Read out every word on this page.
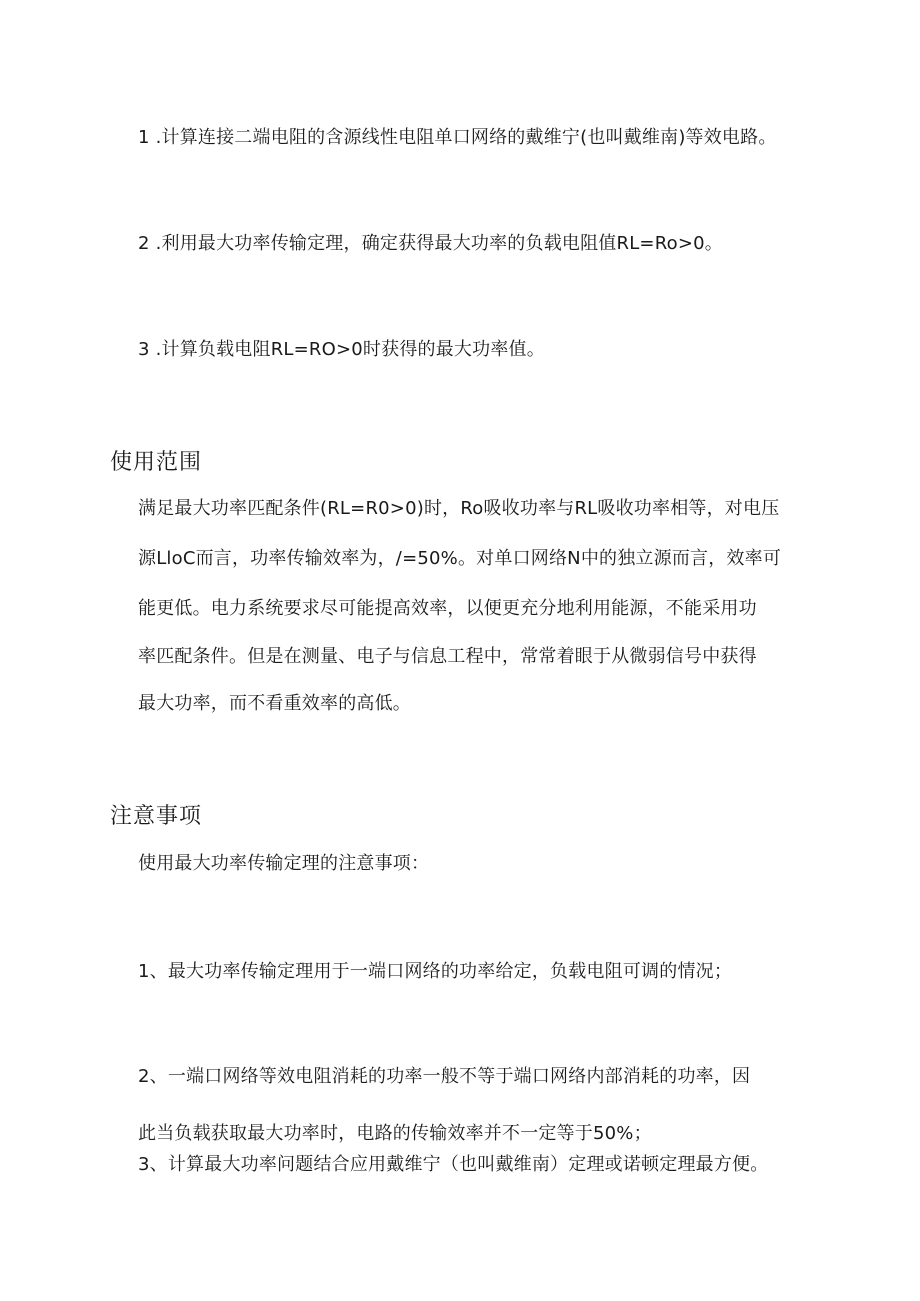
1 .计算连接二端电阻的含源线性电阻单口网络的戴维宁(也叫戴维南)等效电路。
2 .利用最大功率传输定理，确定获得最大功率的负载电阻值RL=Ro>0。
3 .计算负载电阻RL=RO>0时获得的最大功率值。
使用范围
满足最大功率匹配条件(RL=R0>0)时，Ro吸收功率与RL吸收功率相等，对电压
源LloC而言，功率传输效率为，/=50%。对单口网络N中的独立源而言，效率可
能更低。电力系统要求尽可能提高效率，以便更充分地利用能源，不能采用功
率匹配条件。但是在测量、电子与信息工程中，常常着眼于从微弱信号中获得
最大功率，而不看重效率的高低。
注意事项
使用最大功率传输定理的注意事项：
1、最大功率传输定理用于一端口网络的功率给定，负载电阻可调的情况；
2、一端口网络等效电阻消耗的功率一般不等于端口网络内部消耗的功率，因
此当负载获取最大功率时，电路的传输效率并不一定等于50%；
3、计算最大功率问题结合应用戴维宁（也叫戴维南）定理或诺顿定理最方便。
